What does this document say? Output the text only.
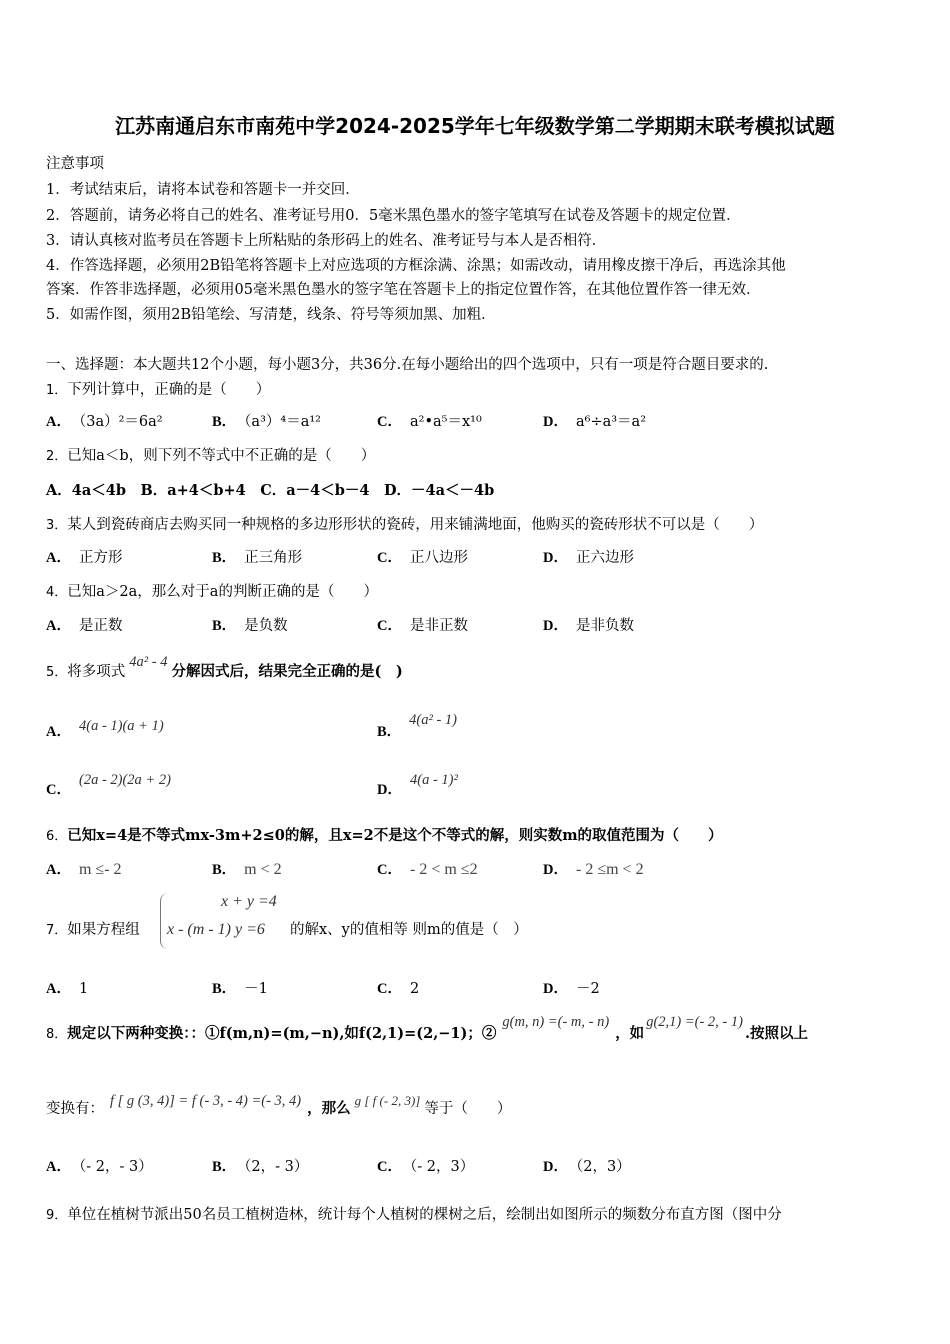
江苏南通启东市南苑中学2024-2025学年七年级数学第二学期期末联考模拟试题
注意事项
1．考试结束后，请将本试卷和答题卡一并交回．
2．答题前，请务必将自己的姓名、准考证号用0．5毫米黑色墨水的签字笔填写在试卷及答题卡的规定位置．
3．请认真核对监考员在答题卡上所粘贴的条形码上的姓名、准考证号与本人是否相符．
4．作答选择题，必须用2B铅笔将答题卡上对应选项的方框涂满、涂黑；如需改动，请用橡皮擦干净后，再选涂其他
答案．作答非选择题，必须用05毫米黑色墨水的签字笔在答题卡上的指定位置作答，在其他位置作答一律无效．
5．如需作图，须用2B铅笔绘、写清楚，线条、符号等须加黑、加粗．
一、选择题：本大题共12个小题，每小题3分，共36分.在每小题给出的四个选项中，只有一项是符合题目要求的.
1．下列计算中，正确的是（　　）
A． （3a）²＝6a²	B． （a³）⁴＝a¹²	C． a²•a⁵＝x¹⁰	D． a⁶÷a³＝a²
2．已知a＜b，则下列不等式中不正确的是（　　）
A．4a＜4b　B．a+4＜b+4　C．a－4＜b－4　D．－4a＜－4b
3．某人到瓷砖商店去购买同一种规格的多边形形状的瓷砖，用来铺满地面，他购买的瓷砖形状不可以是（　　）
A． 正方形	B． 正三角形	C． 正八边形	D． 正六边形
4．已知a＞2a，那么对于a的判断正确的是（　　）
A． 是正数	B． 是负数	C． 是非正数	D． 是非负数
5．将多项式4a² - 4分解因式后，结果完全正确的是(　)
A． 4(a - 1)(a + 1)	B．4(a² - 1)
C．(2a - 2)(2a + 2)
D．4(a - 1)²
6．已知x=4是不等式mx-3m+2≤0的解，且x=2不是这个不等式的解，则实数m的取值范围为（　　）
A． m ≤- 2	B． m < 2	C． - 2 < m ≤2	D． - 2 ≤m < 2
7．如果方程组
x + y =4
x - (m - 1) y =6 的解x、y的值相等 则m的值是（　）
A． 1	B． －1	C． 2	D． －2
8．规定以下两种变换：：①f(m,n)=(m,−n),如f(2,1)=(2,−1)；②g(m, n) =(- m, - n)，如g(2,1) =(- 2, - 1).按照以上
变换有： f [ g (3, 4)] = f (- 3, - 4) =(- 3, 4) ，那么 g [ f (- 2, 3)]等于（　　）
A． （- 2，- 3）	B． （2，- 3）	C． （- 2，3）	D． （2，3）
9．单位在植树节派出50名员工植树造林，统计每个人植树的棵树之后，绘制出如图所示的频数分布直方图（图中分
